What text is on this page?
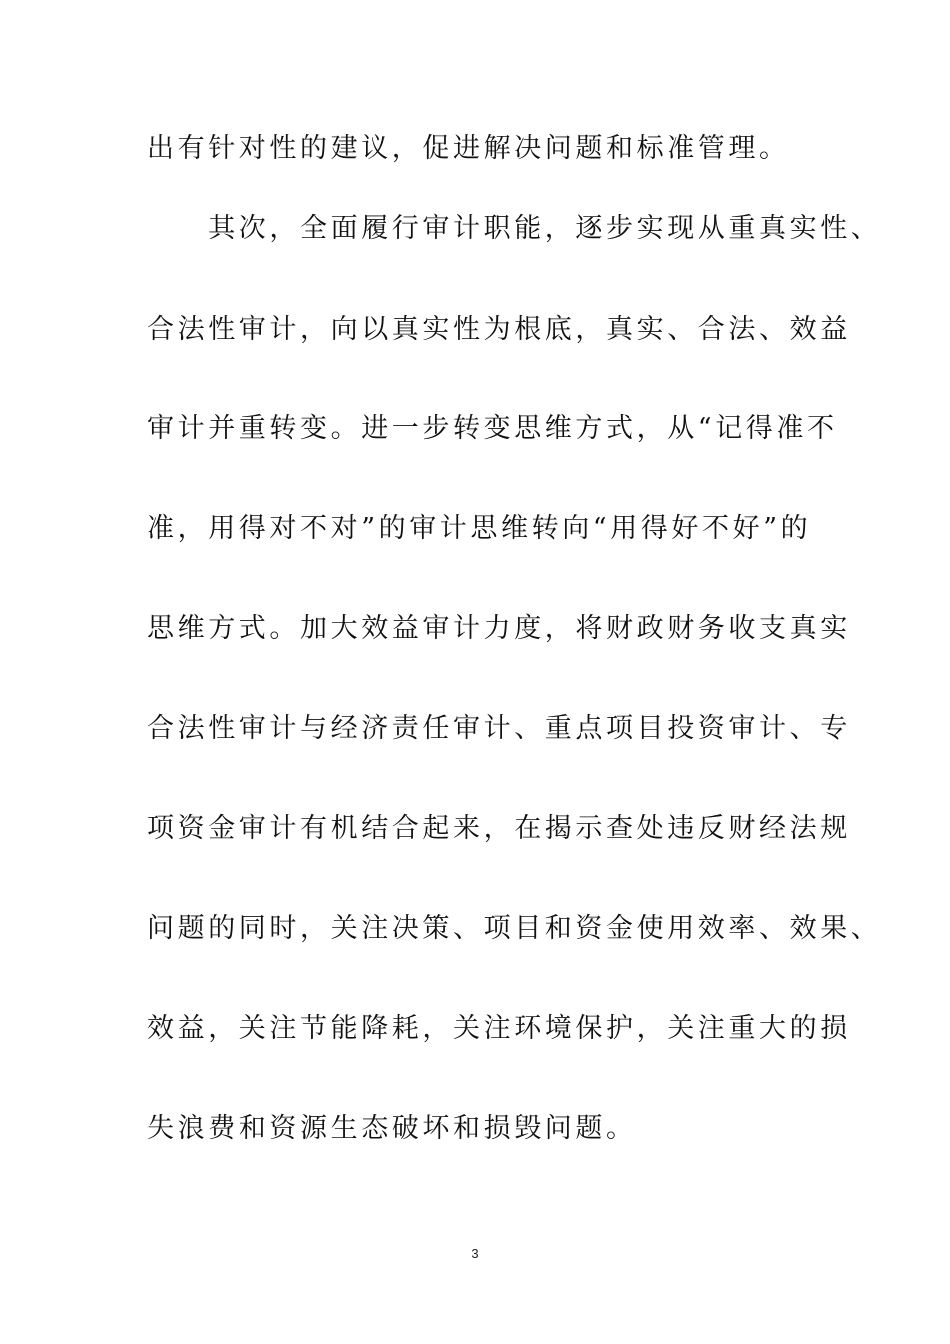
出有针对性的建议，促进解决问题和标准管理。
　　其次，全面履行审计职能，逐步实现从重真实性、
合法性审计，向以真实性为根底，真实、合法、效益
审计并重转变。进一步转变思维方式，从“记得准不
准，用得对不对”的审计思维转向“用得好不好”的
思维方式。加大效益审计力度，将财政财务收支真实
合法性审计与经济责任审计、重点项目投资审计、专
项资金审计有机结合起来，在揭示查处违反财经法规
问题的同时，关注决策、项目和资金使用效率、效果、
效益，关注节能降耗，关注环境保护，关注重大的损
失浪费和资源生态破坏和损毁问题。
3
